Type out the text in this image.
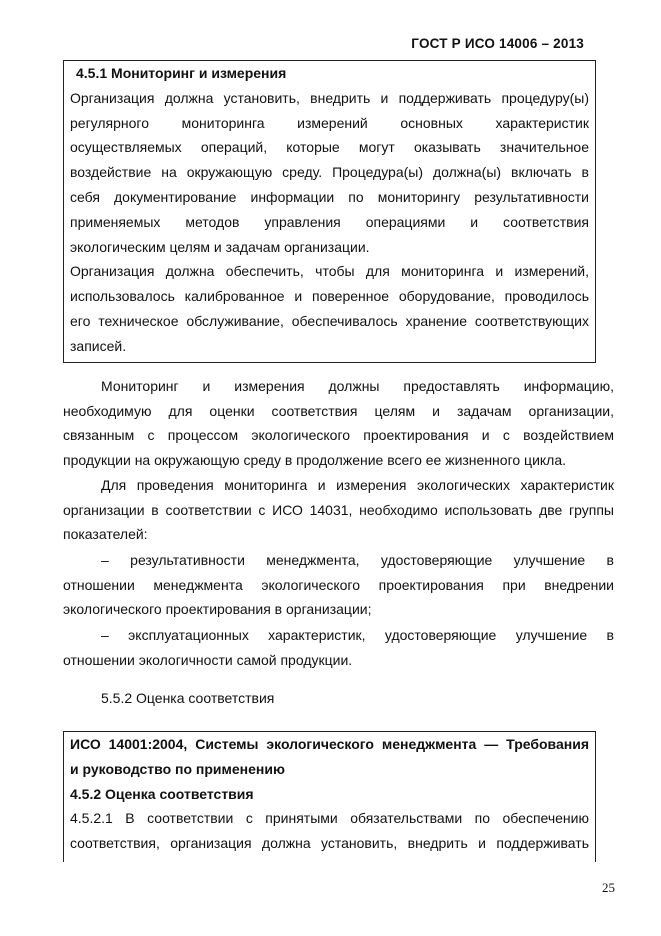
ГОСТ Р ИСО 14006 – 2013
4.5.1 Мониторинг и измерения
Организация должна установить, внедрить и поддерживать процедуру(ы)
регулярного мониторинга измерений основных характеристик
осуществляемых операций, которые могут оказывать значительное
воздействие на окружающую среду. Процедура(ы) должна(ы) включать в
себя документирование информации по мониторингу результативности
применяемых методов управления операциями и соответствия
экологическим целям и задачам организации.
Организация должна обеспечить, чтобы для мониторинга и измерений,
использовалось калиброванное и поверенное оборудование, проводилось
его техническое обслуживание, обеспечивалось хранение соответствующих
записей.
Мониторинг и измерения должны предоставлять информацию,
необходимую для оценки соответствия целям и задачам организации,
связанным с процессом экологического проектирования и с воздействием
продукции на окружающую среду в продолжение всего ее жизненного цикла.
Для проведения мониторинга и измерения экологических характеристик
организации в соответствии с ИСО 14031, необходимо использовать две группы
показателей:
– результативности менеджмента, удостоверяющие улучшение в
отношении менеджмента экологического проектирования при внедрении
экологического проектирования в организации;
– эксплуатационных характеристик, удостоверяющие улучшение в
отношении экологичности самой продукции.
5.5.2 Оценка соответствия
ИСО 14001:2004, Системы экологического менеджмента — Требования
и руководство по применению
4.5.2 Оценка соответствия
4.5.2.1 В соответствии с принятыми обязательствами по обеспечению
соответствия, организация должна установить, внедрить и поддерживать
25
